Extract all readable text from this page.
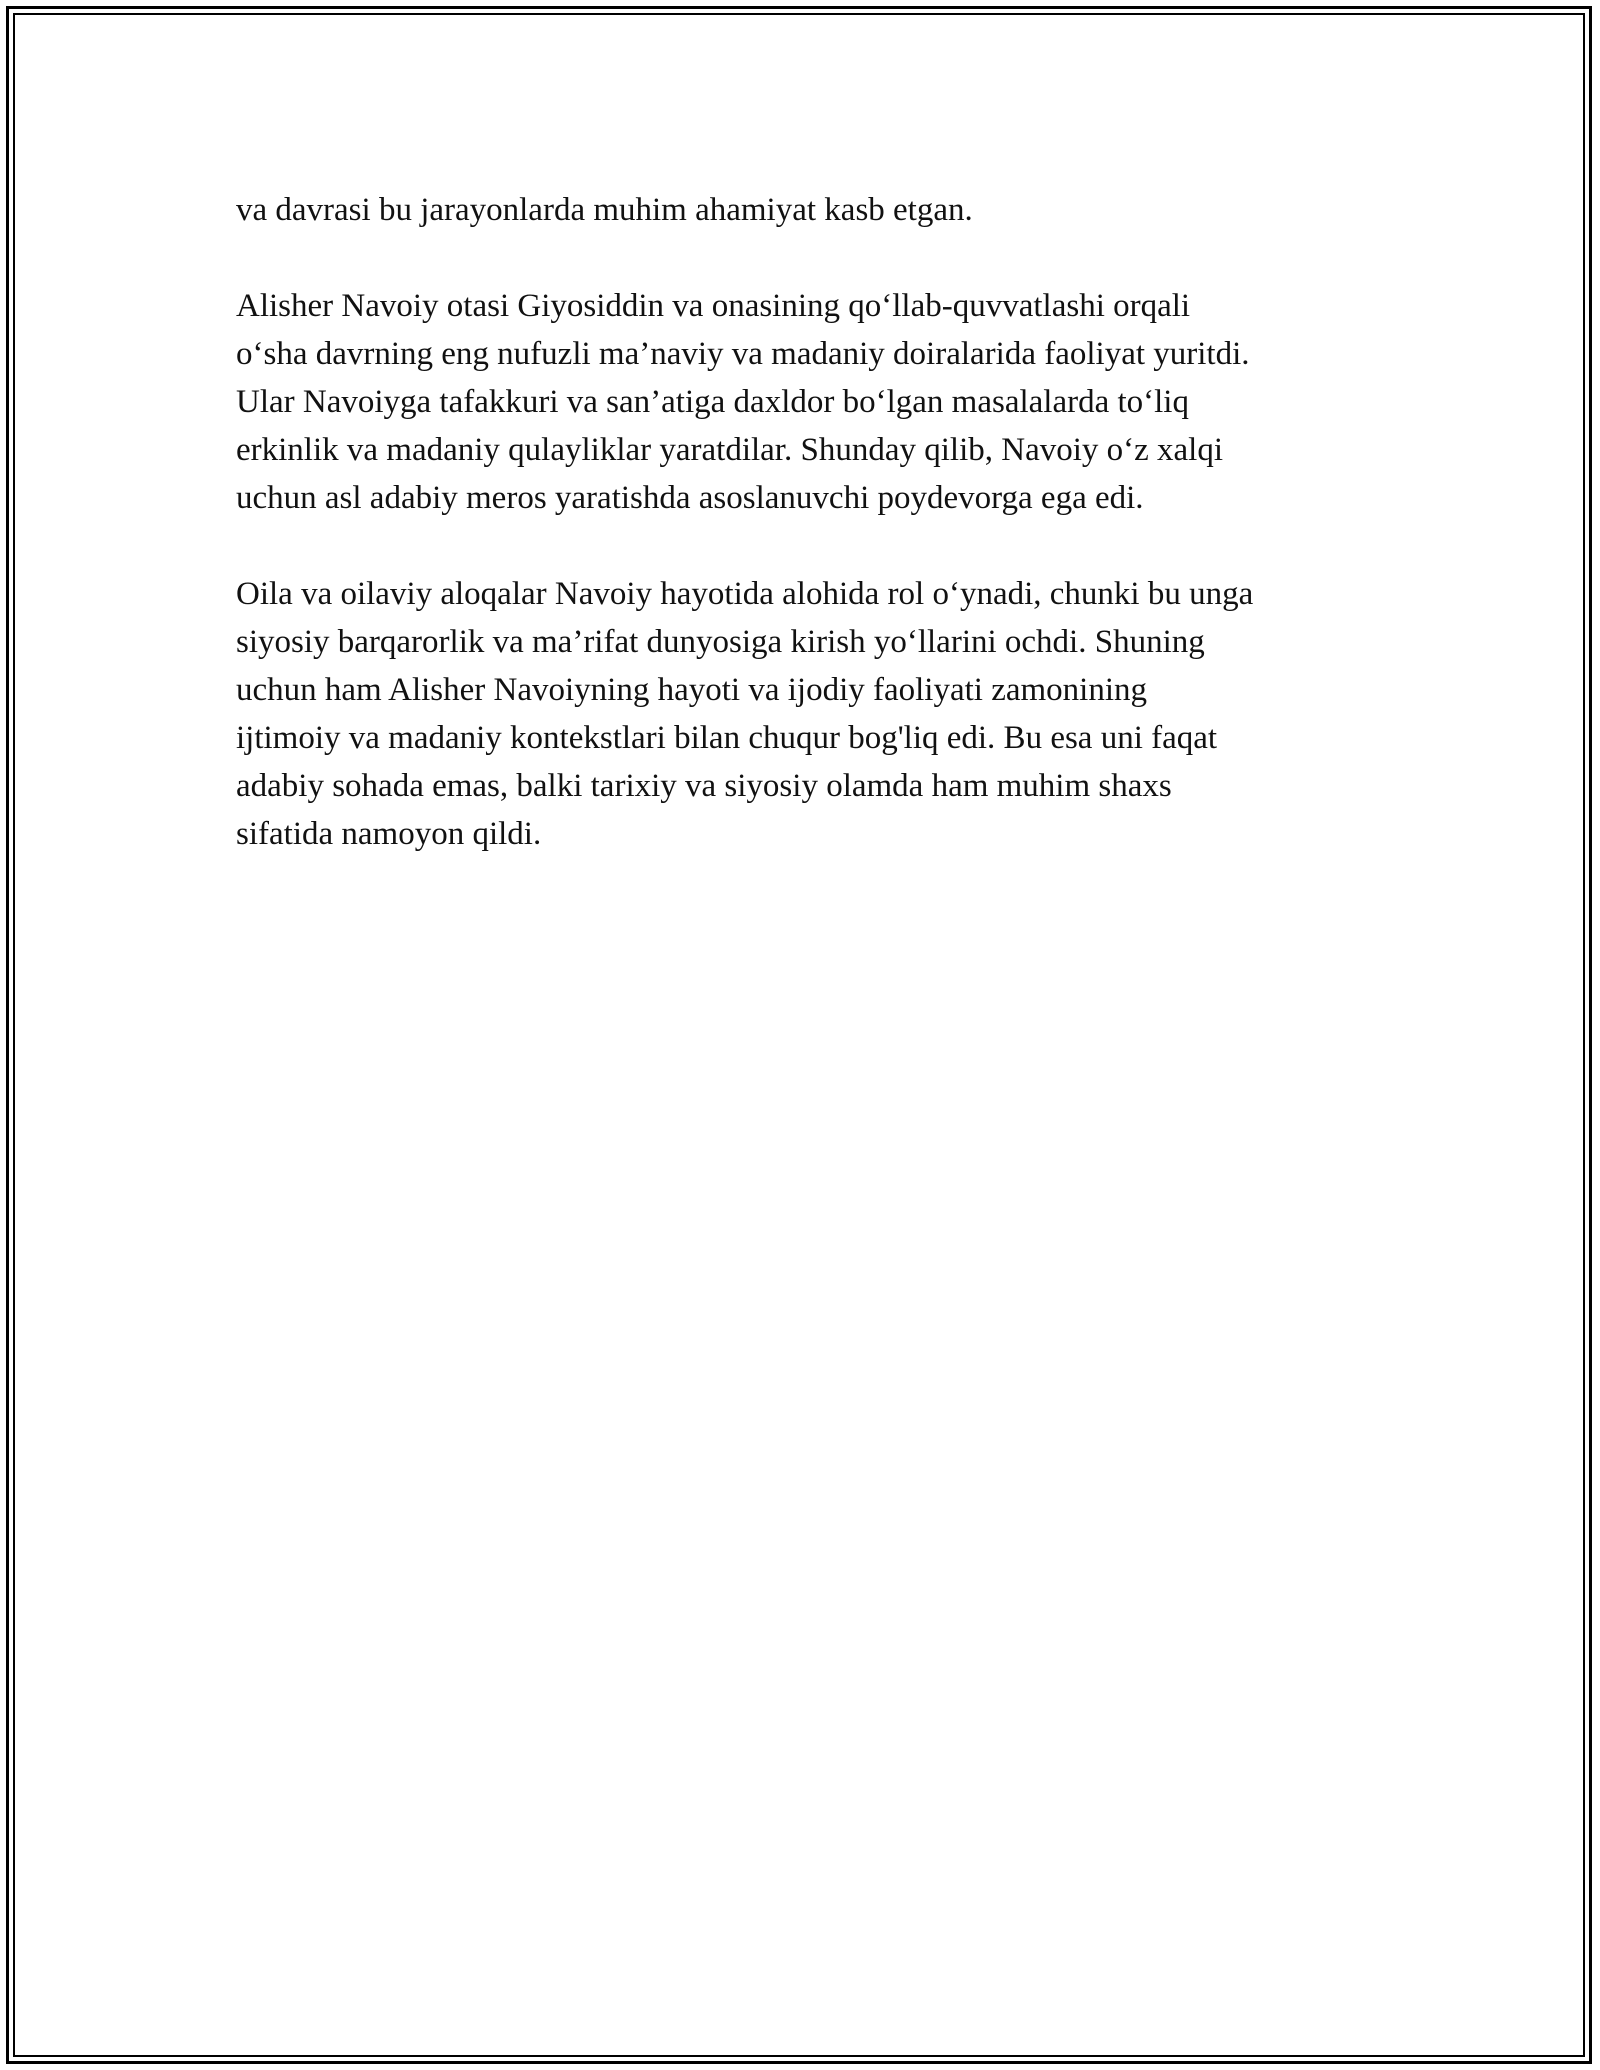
va davrasi bu jarayonlarda muhim ahamiyat kasb etgan.
Alisher Navoiy otasi Giyosiddin va onasining qo‘llab-quvvatlashi orqali
o‘sha davrning eng nufuzli ma’naviy va madaniy doiralarida faoliyat yuritdi.
Ular Navoiyga tafakkuri va san’atiga daxldor bo‘lgan masalalarda to‘liq
erkinlik va madaniy qulayliklar yaratdilar. Shunday qilib, Navoiy o‘z xalqi
uchun asl adabiy meros yaratishda asoslanuvchi poydevorga ega edi.
Oila va oilaviy aloqalar Navoiy hayotida alohida rol o‘ynadi, chunki bu unga
siyosiy barqarorlik va ma’rifat dunyosiga kirish yo‘llarini ochdi. Shuning
uchun ham Alisher Navoiyning hayoti va ijodiy faoliyati zamonining
ijtimoiy va madaniy kontekstlari bilan chuqur bog'liq edi. Bu esa uni faqat
adabiy sohada emas, balki tarixiy va siyosiy olamda ham muhim shaxs
sifatida namoyon qildi.
